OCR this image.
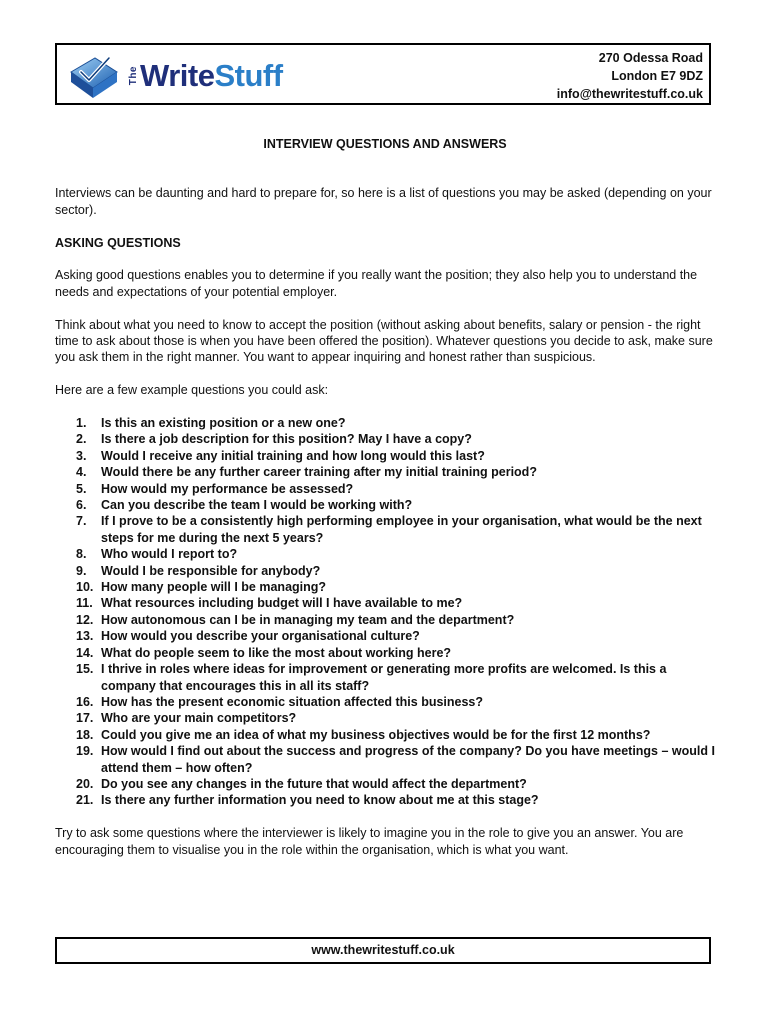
The Write Stuff	270 Odessa Road
London E7 9DZ
info@thewritestuff.co.uk
INTERVIEW QUESTIONS AND ANSWERS

Interviews can be daunting and hard to prepare for, so here is a list of questions you may be asked (depending on your sector).

ASKING QUESTIONS

Asking good questions enables you to determine if you really want the position; they also help you to understand the needs and expectations of your potential employer.

Think about what you need to know to accept the position (without asking about benefits, salary or pension - the right time to ask about those is when you have been offered the position). Whatever questions you decide to ask, make sure you ask them in the right manner. You want to appear inquiring and honest rather than suspicious.

Here are a few example questions you could ask:

1. Is this an existing position or a new one?
2. Is there a job description for this position? May I have a copy?
3. Would I receive any initial training and how long would this last?
4. Would there be any further career training after my initial training period?
5. How would my performance be assessed?
6. Can you describe the team I would be working with?
7. If I prove to be a consistently high performing employee in your organisation, what would be the next steps for me during the next 5 years?
8. Who would I report to?
9. Would I be responsible for anybody?
10. How many people will I be managing?
11. What resources including budget will I have available to me?
12. How autonomous can I be in managing my team and the department?
13. How would you describe your organisational culture?
14. What do people seem to like the most about working here?
15. I thrive in roles where ideas for improvement or generating more profits are welcomed. Is this a company that encourages this in all its staff?
16. How has the present economic situation affected this business?
17. Who are your main competitors?
18. Could you give me an idea of what my business objectives would be for the first 12 months?
19. How would I find out about the success and progress of the company? Do you have meetings – would I attend them – how often?
20. Do you see any changes in the future that would affect the department?
21. Is there any further information you need to know about me at this stage?

Try to ask some questions where the interviewer is likely to imagine you in the role to give you an answer. You are encouraging them to visualise you in the role within the organisation, which is what you want.

www.thewritestuff.co.uk
